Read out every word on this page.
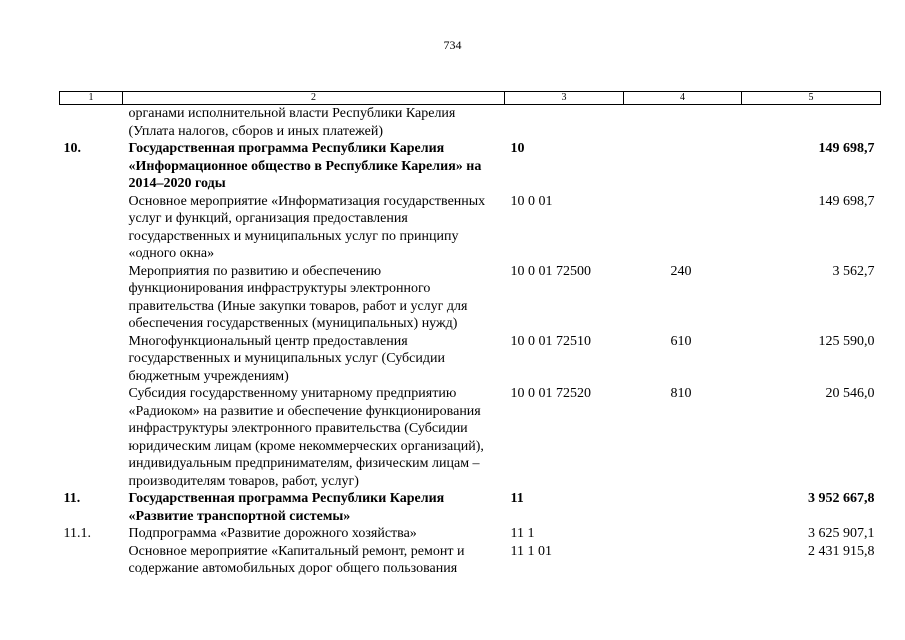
734
1	2	3	4	5
	органами исполнительной власти Республики Карелия (Уплата налогов, сборов и иных платежей)			
10.	Государственная программа Республики Карелия «Информационное общество в Республике Карелия» на 2014–2020 годы	10		149 698,7
	Основное мероприятие «Информатизация государственных услуг и функций, организация предоставления государственных и муниципальных услуг по принципу «одного окна»	10 0 01		149 698,7
	Мероприятия по развитию и обеспечению функционирования инфраструктуры электронного правительства (Иные закупки товаров, работ и услуг для обеспечения государственных (муниципальных) нужд)	10 0 01 72500	240	3 562,7
	Многофункциональный центр предоставления государственных и муниципальных услуг (Субсидии бюджетным учреждениям)	10 0 01 72510	610	125 590,0
	Субсидия государственному унитарному предприятию «Радиоком» на развитие и обеспечение функционирования инфраструктуры электронного правительства (Субсидии юридическим лицам (кроме некоммерческих организаций), индивидуальным предпринимателям, физическим лицам – производителям товаров, работ, услуг)	10 0 01 72520	810	20 546,0
11.	Государственная программа Республики Карелия «Развитие транспортной системы»	11		3 952 667,8
11.1.	Подпрограмма «Развитие дорожного хозяйства»	11 1		3 625 907,1
	Основное мероприятие «Капитальный ремонт, ремонт и содержание автомобильных дорог общего пользования	11 1 01		2 431 915,8
